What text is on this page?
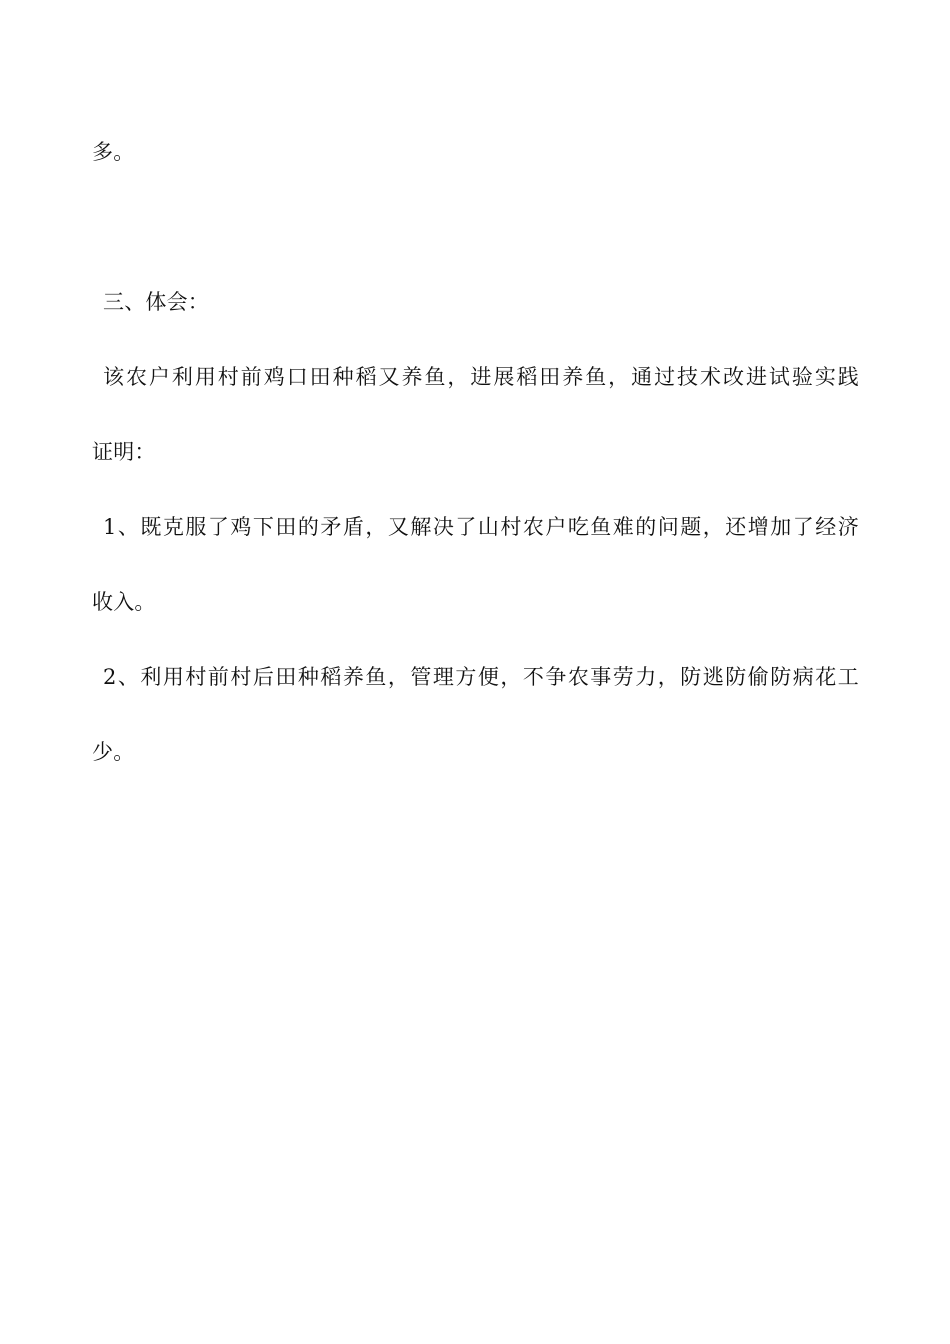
多。
三、体会：
该农户利用村前鸡口田种稻又养鱼，进展稻田养鱼，通过技术改进试验实践
证明：
1、既克服了鸡下田的矛盾，又解决了山村农户吃鱼难的问题，还增加了经济
收入。
2、利用村前村后田种稻养鱼，管理方便，不争农事劳力，防逃防偷防病花工
少。
